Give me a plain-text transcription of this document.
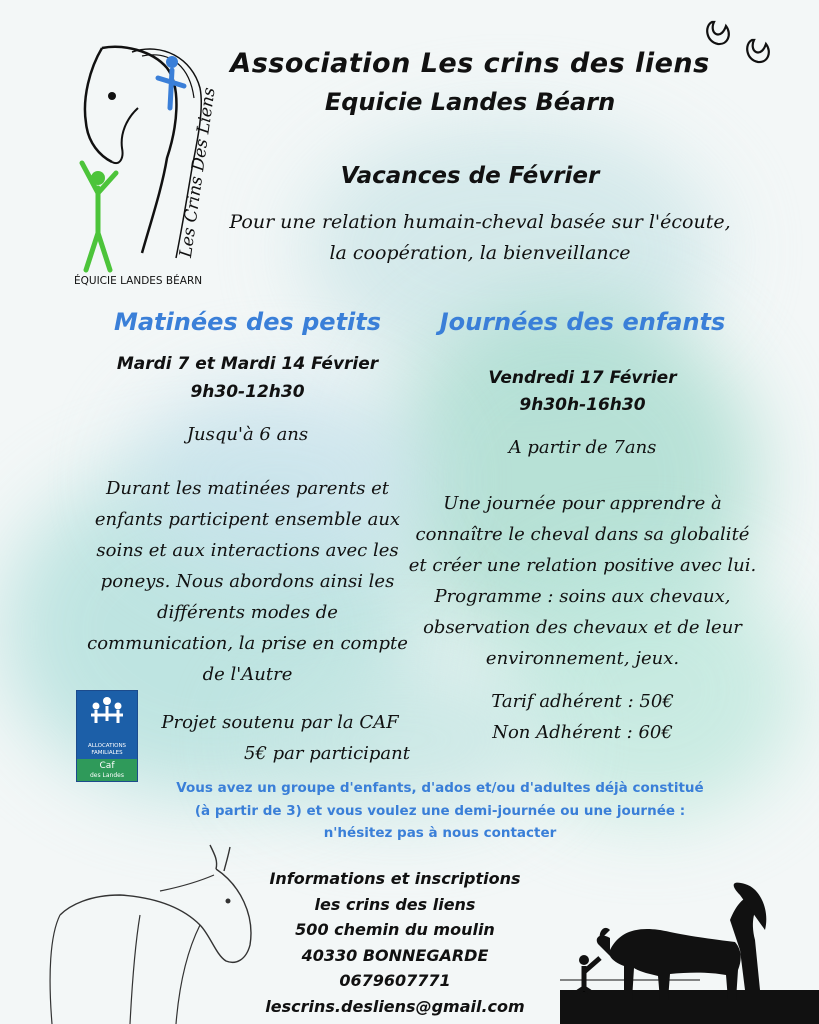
Les Crins Des Liens
ÉQUICIE LANDES BÉARN
Association Les crins des liens
Equicie Landes Béarn
Vacances de Février
Pour une relation humain-cheval basée sur l'écoute,
la coopération, la bienveillance
Matinées des petits
Mardi 7 et Mardi 14 Février
9h30-12h30
Jusqu'à 6 ans
Durant les matinées parents et
enfants participent ensemble aux
soins et aux interactions avec les
poneys. Nous abordons ainsi les
différents modes de
communication, la prise en compte
de l'Autre
Projet soutenu par la CAF
5€ par participant
ALLOCATIONS
FAMILIALES
Caf
des Landes
Journées des enfants
Vendredi 17 Février
9h30h-16h30
A partir de 7ans
Une journée pour apprendre à
connaître le cheval dans sa globalité
et créer une relation positive avec lui.
Programme : soins aux chevaux,
observation des chevaux et de leur
environnement, jeux.
Tarif adhérent : 50€
Non Adhérent : 60€
Vous avez un groupe d'enfants, d'ados et/ou d'adultes déjà constitué
(à partir de 3) et vous voulez une demi-journée ou une journée :
n'hésitez pas à nous contacter
Informations et inscriptions
les crins des liens
500 chemin du moulin
40330 BONNEGARDE
0679607771
lescrins.desliens@gmail.com
